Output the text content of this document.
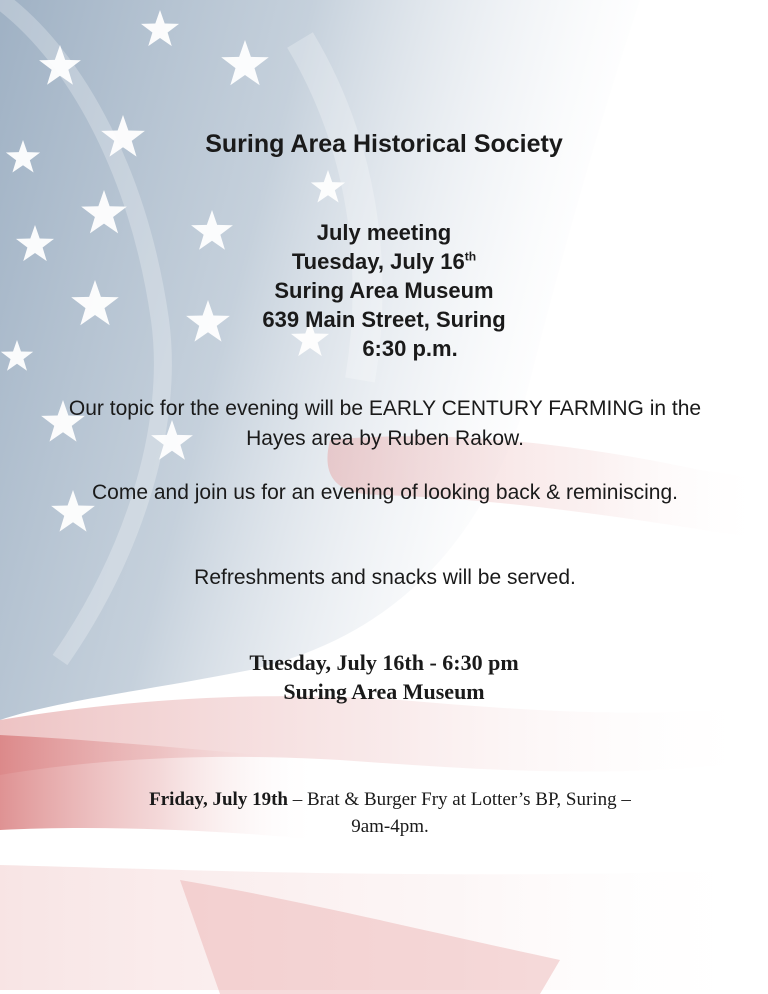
Suring Area Historical Society
July meeting
Tuesday, July 16th
Suring Area Museum
639 Main Street, Suring
6:30 p.m.
Our topic for the evening will be EARLY CENTURY FARMING in the Hayes area by Ruben Rakow.
Come and join us for an evening of looking back & reminiscing.
Refreshments and snacks will be served.
Tuesday, July 16th - 6:30 pm
Suring Area Museum
Friday, July 19th – Brat & Burger Fry at Lotter’s BP, Suring –
9am-4pm.
